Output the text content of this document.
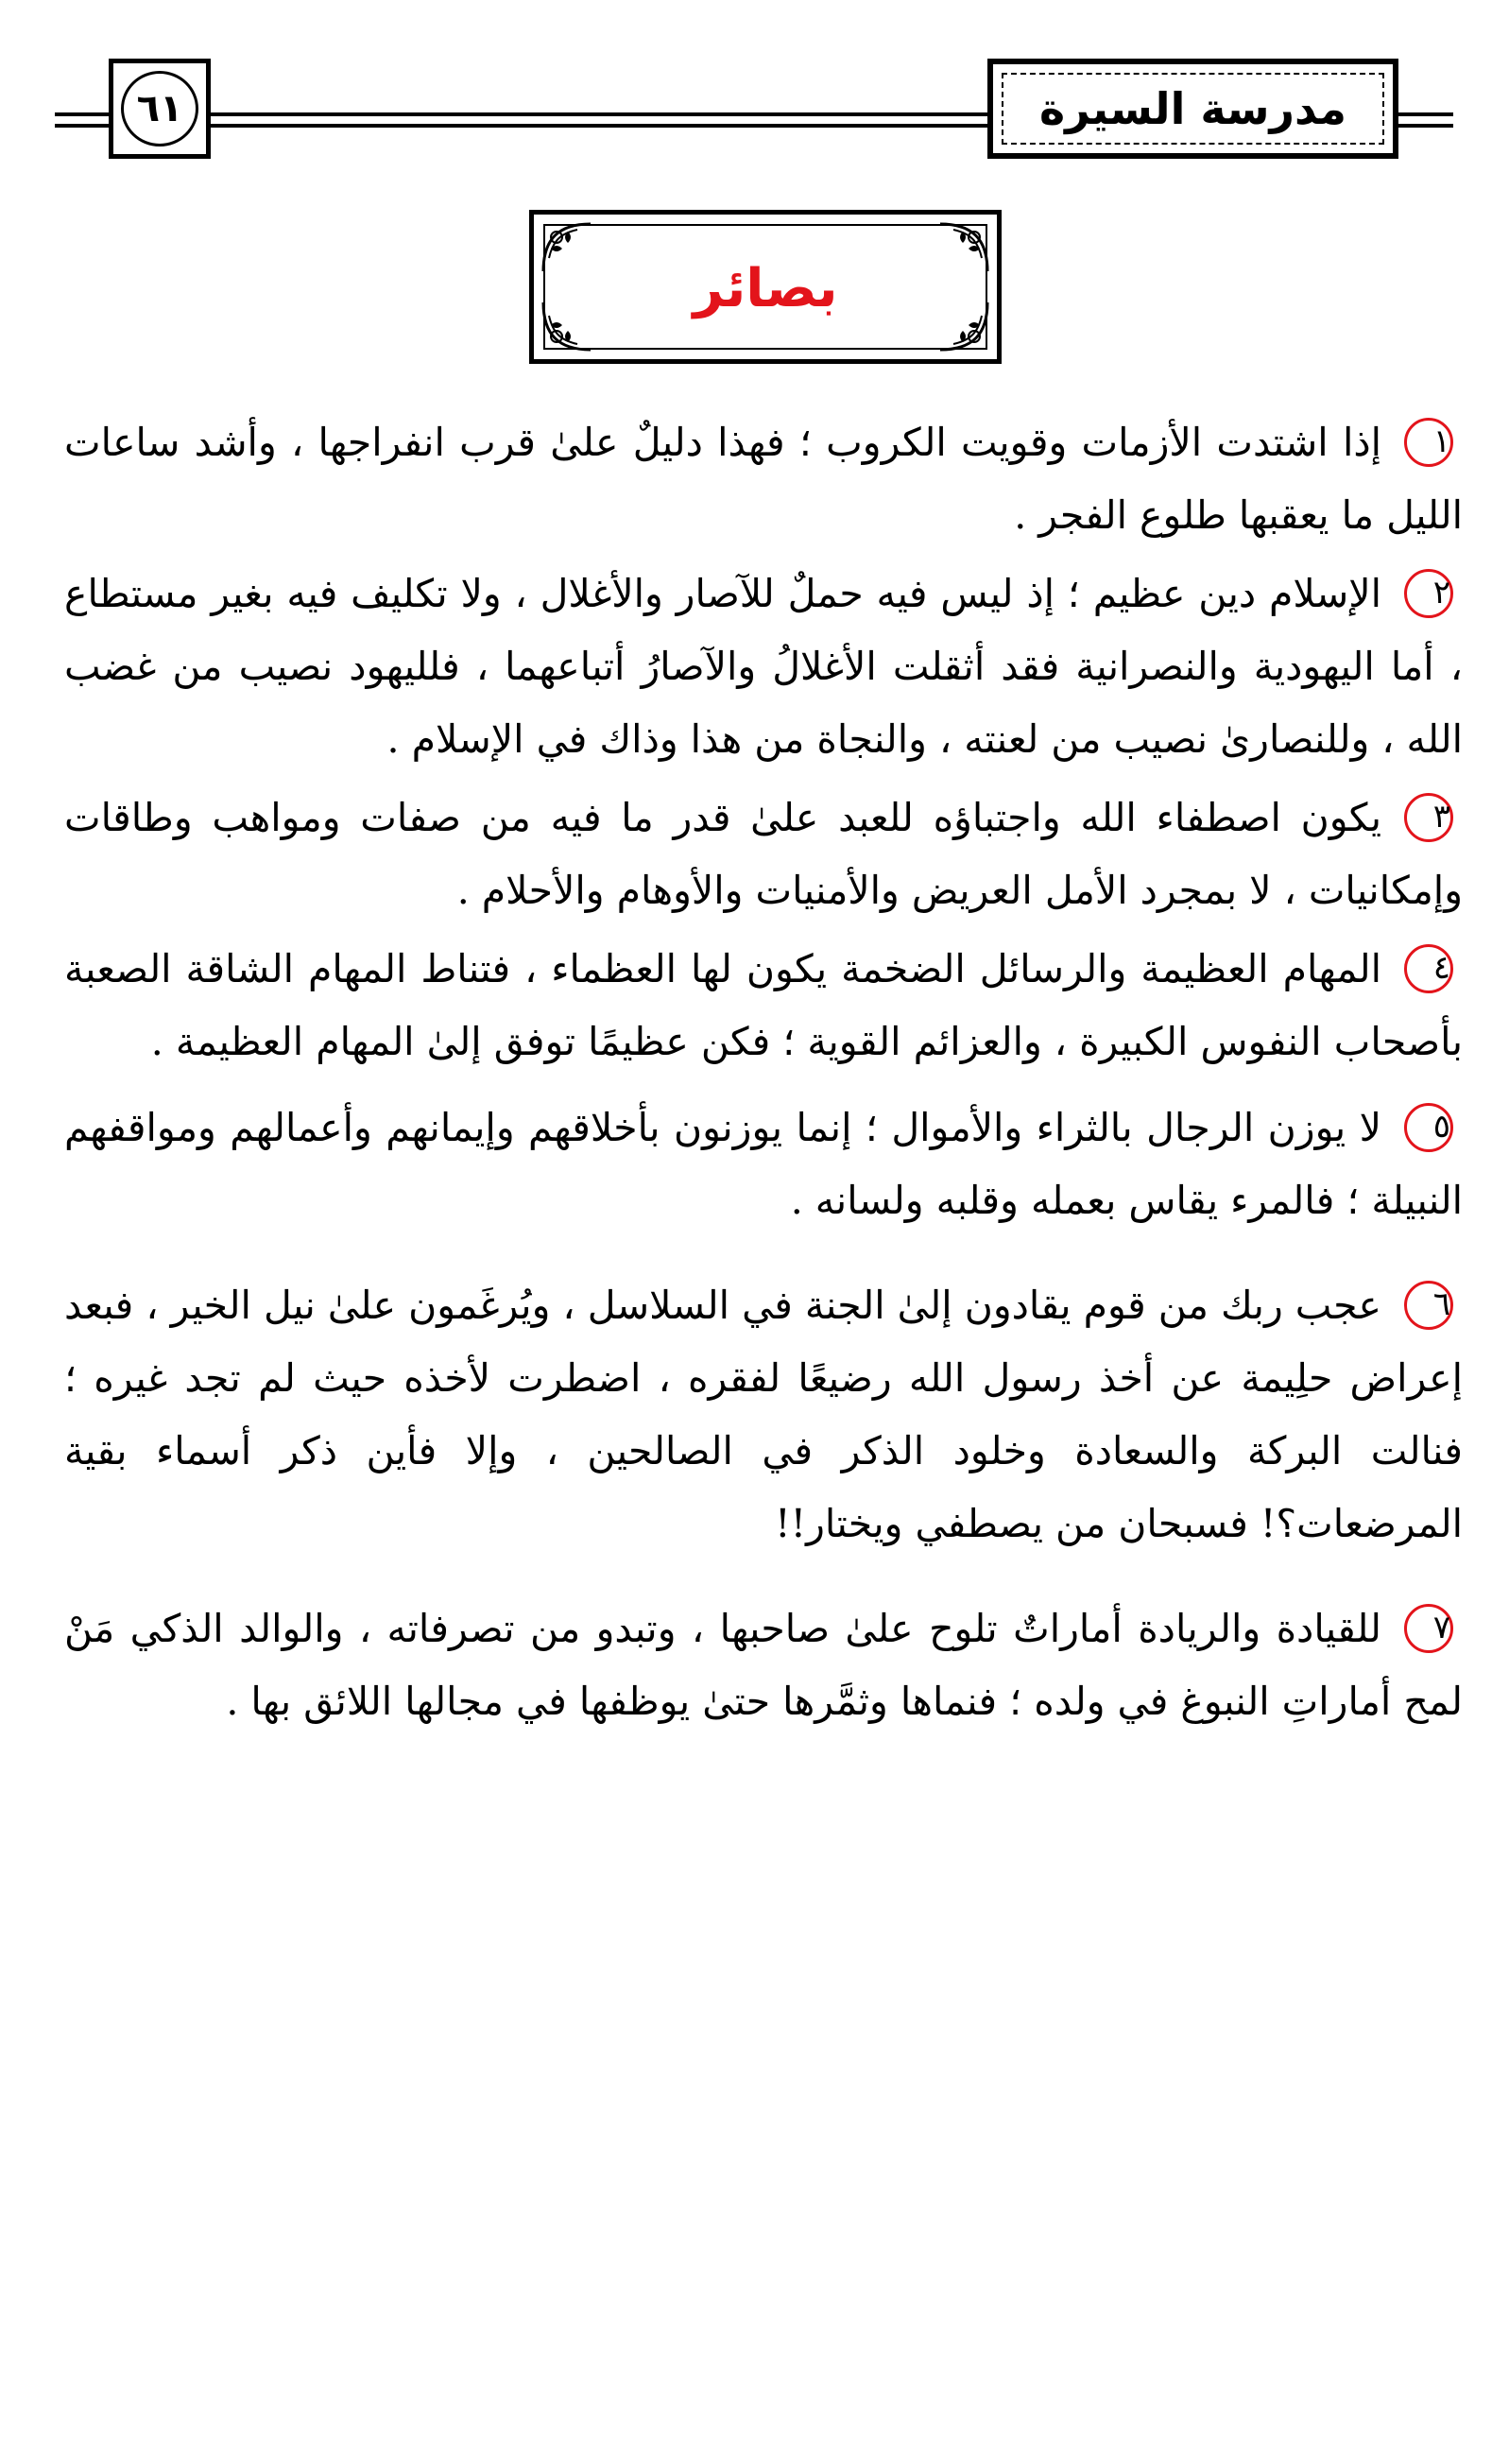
٦١	مدرسة السيرة
بصائر

١إذا اشتدت الأزمات وقويت الكروب ؛ فهذا دليلٌ علىٰ قرب انفراجها ، وأشد ساعات الليل ما يعقبها طلوع الفجر .

٢الإسلام دين عظيم ؛ إذ ليس فيه حملٌ للآصار والأغلال ، ولا تكليف فيه بغير مستطاع ، أما اليهودية والنصرانية فقد أثقلت الأغلالُ والآصارُ أتباعهما ، فلليهود نصيب من غضب الله ، وللنصارىٰ نصيب من لعنته ، والنجاة من هذا وذاك في الإسلام .

٣يكون اصطفاء الله واجتباؤه للعبد علىٰ قدر ما فيه من صفات ومواهب وطاقات وإمكانيات ، لا بمجرد الأمل العريض والأمنيات والأوهام والأحلام .

٤المهام العظيمة والرسائل الضخمة يكون لها العظماء ، فتناط المهام الشاقة الصعبة بأصحاب النفوس الكبيرة ، والعزائم القوية ؛ فكن عظيمًا توفق إلىٰ المهام العظيمة .

٥لا يوزن الرجال بالثراء والأموال ؛ إنما يوزنون بأخلاقهم وإيمانهم وأعمالهم ومواقفهم النبيلة ؛ فالمرء يقاس بعمله وقلبه ولسانه .

٦عجب ربك من قوم يقادون إلىٰ الجنة في السلاسل ، ويُرغَمون علىٰ نيل الخير ، فبعد إعراض حلِيمة عن أخذ رسول الله رضيعًا لفقره ، اضطرت لأخذه حيث لم تجد غيره ؛ فنالت البركة والسعادة وخلود الذكر في الصالحين ، وإلا فأين ذكر أسماء بقية المرضعات؟! فسبحان من يصطفي ويختار!!

٧للقيادة والريادة أماراتٌ تلوح علىٰ صاحبها ، وتبدو من تصرفاته ، والوالد الذكي مَنْ لمح أماراتِ النبوغ في ولده ؛ فنماها وثمَّرها حتىٰ يوظفها في مجالها اللائق بها .
